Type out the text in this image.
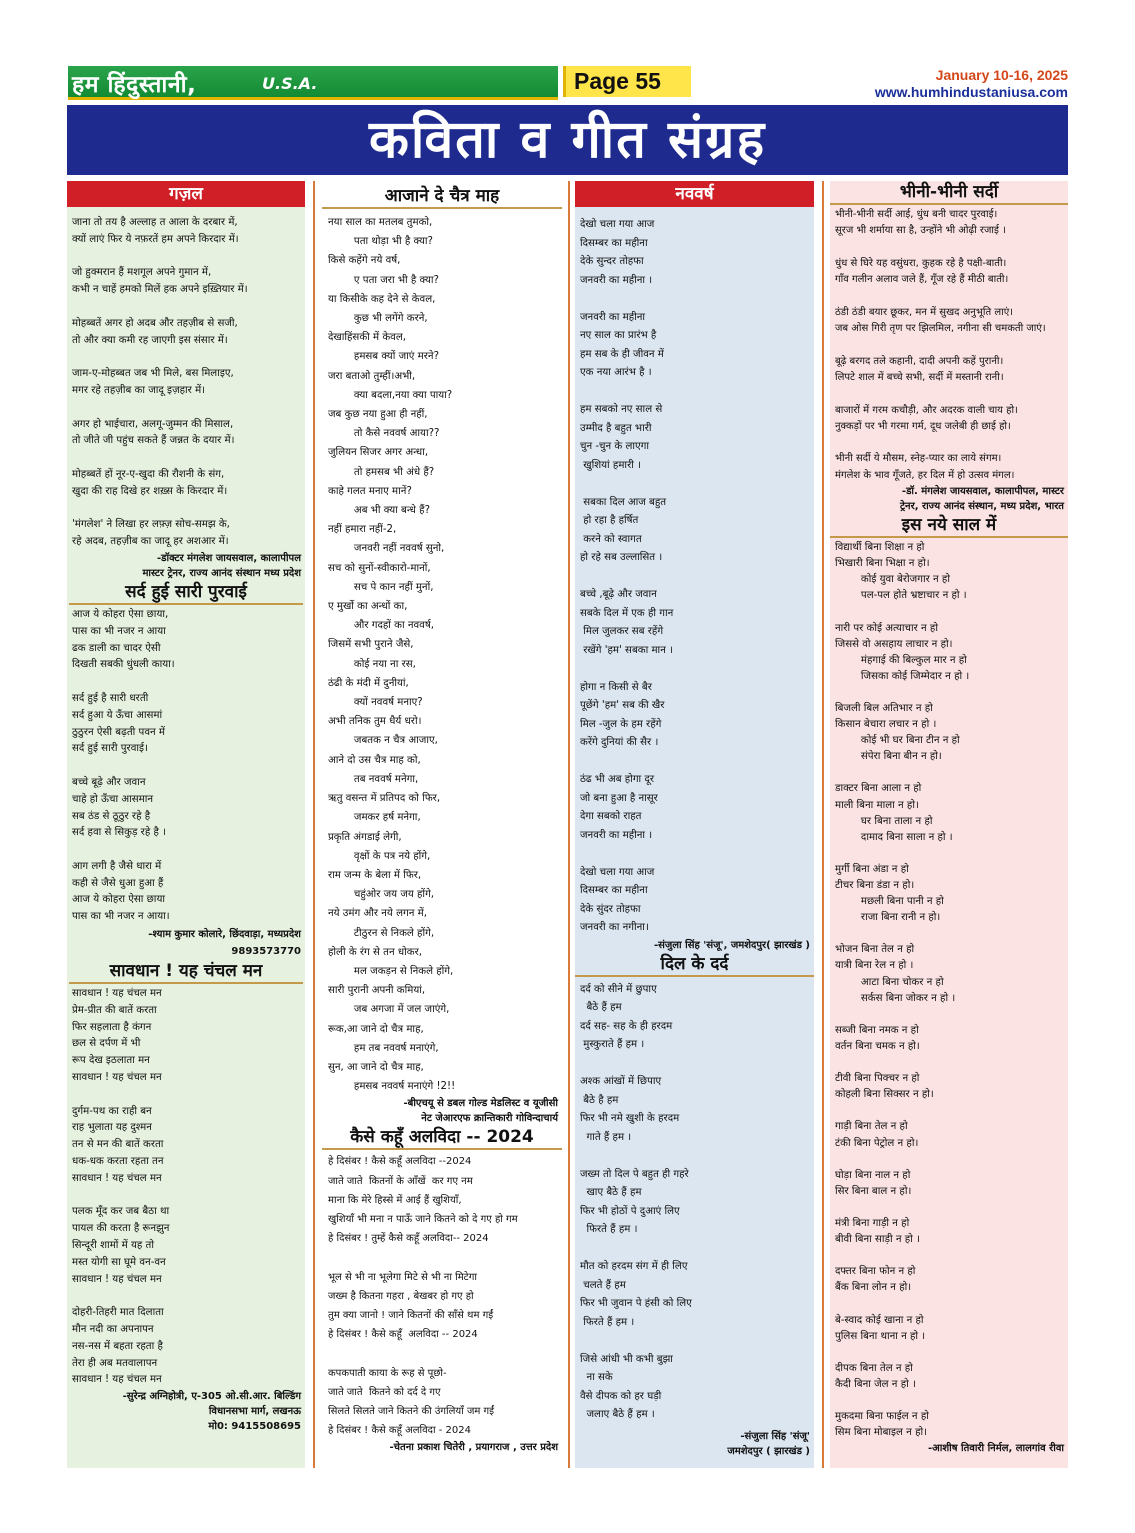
हम हिंदुस्तानी,	U.S.A.	Page 55	January 10-16, 2025
www.humhindustaniusa.com
कविता व गीत संग्रह
गज़ल
जाना तो तय है अल्लाह त आला के दरबार में,
क्यों लाएं फिर ये नफ़रतें हम अपने किरदार में।

जो हुक्मरान हैं मशगूल अपने गुमान में,
कभी न चाहें हमको मिलें हक अपने इख़्तियार में।

मोहब्बतें अगर हो अदब और तहज़ीब से सजी,
तो और क्या कमी रह जाएगी इस संसार में।

जाम-ए-मोहब्बत जब भी मिले, बस मिलाइए,
मगर रहे तहज़ीब का जादू इज़हार में।

अगर हो भाईचारा, अलगू-जुम्मन की मिसाल,
तो जीते जी पहुंच सकते हैं जन्नत के दयार में।

मोहब्बतें हों नूर-ए-खुदा की रौशनी के संग,
खुदा की राह दिखे हर शख़्स के किरदार में।

'मंगलेश' ने लिखा हर लफ़्ज़ सोच-समझ के,
रहे अदब, तहज़ीब का जादू हर अशआर में।
-डॉक्टर मंगलेश जायसवाल, कालापीपल
मास्टर ट्रेनर, राज्य आनंद संस्थान मध्य प्रदेश
सर्द हुई सारी पुरवाई
आज ये कोहरा ऐसा छाया,
पास का भी नजर न आया
ढक डाली का चादर ऐसी
दिखती सबकी धुंधली काया।

सर्द हुई है सारी धरती
सर्द हुआ ये ऊँचा आसमां
ठुठुरन ऐसी बढ़ती पवन में
सर्द हुई सारी पुरवाई।

बच्चे बूढ़े और जवान
चाहे हो ऊँचा आसमान
सब ठंड से ठूठुर रहे है
सर्द हवा से सिकुड़ रहे है ।

आग लगी है जैसे धारा में
कही से जैसे धुआ हुआ हैं
आज ये कोहरा ऐसा छाया
पास का भी नजर न आया।
-श्याम कुमार कोलारे, छिंदवाड़ा, मध्यप्रदेश
9893573770
सावधान ! यह चंचल मन
सावधान ! यह चंचल मन
प्रेम-प्रीत की बातें करता
फिर सहलाता है कंगन
छल से दर्पण में भी
रूप देख इठलाता मन
सावधान ! यह चंचल मन

दुर्गम-पथ का राही बन
राह भुलाता यह दुश्मन
तन से मन की बातें करता
धक-धक करता रहता तन
सावधान ! यह चंचल मन

पलक मूँद कर जब बैठा था
पायल की करता है रूनझुन
सिन्दूरी शामों में यह तो
मस्त योगी सा घूमे वन-वन
सावधान ! यह चंचल मन

दोहरी-तिहरी मात दिलाता
मौन नदी का अपनापन
नस-नस में बहता रहता है
तेरा ही अब मतवालापन
सावधान ! यह चंचल मन
-सुरेन्द्र अग्निहोत्री, ए-305 ओ.सी.आर. बिल्डिंग
विधानसभा मार्ग, लखनऊ
मो0: 9415508695
आजाने दे चैत्र माह
नया साल का मतलब तुमको,
पता थोड़ा भी है क्या?
किसे कहेंगे नये वर्ष,
ए पता जरा भी है क्या?
या किसीके कह देने से केवल,
कुछ भी लगेंगे करने,
देखाहिंसकी में केवल,
हमसब क्यों जाएं मरने?
जरा बताओ तुम्हीं।अभी,
क्या बदला,नया क्या पाया?
जब कुछ नया हुआ ही नहीं,
तो कैसे नववर्ष आया??
जुलियन सिजर अगर अन्धा,
तो हमसब भी अंधे हैं?
काहे गलत मनाए मानें?
अब भी क्या बन्धे हैं?
नहीं हमारा नहीं-2,
जनवरी नहीं नववर्ष सुनो,
सच को सुनों-स्वीकारो-मानों,
सच पे कान नहीं मुनों,
ए मुर्खो का अन्धों का,
और गदहों का नववर्ष,
जिसमें सभी पुराने जैसे,
कोई नया ना रस,
ठंढी के मंदी में दुनीयां,
क्यों नववर्ष मनाए?
अभी तनिक तुम धैर्य धरो।
जबतक न चैत्र आजाए,
आने दो उस चैत्र माह को,
तब नववर्ष मनेगा,
ऋतु वसन्त में प्रतिपद को फिर,
जमकर हर्ष मनेगा,
प्रकृति अंगडाई लेगी,
वृक्षों के पत्र नये होंगे,
राम जन्म के बेला में फिर,
चहुंओर जय जय होंगे,
नये उमंग और नये लगन में,
टीठुरन से निकले होंगे,
होली के रंग से तन धोकर,
मल जकड़न से निकले होंगे,
सारी पुरानी अपनी कमियां,
जब अगजा में जल जाएंगे,
रूक,आ जाने दो चैत्र माह,
हम तब नववर्ष मनाएंगे,
सुन, आ जाने दो चैत्र माह,
हमसब नववर्ष मनाएंगे !2!!
-बीएचयू से डबल गोल्ड मेडलिस्ट व यूजीसी
नेट जेआरएफ क्रान्तिकारी गोविन्दाचार्य
कैसे कहूँ अलविदा -- 2024
हे दिसंबर ! कैसे कहूँ अलविदा --2024
जाते जाते  कितनों के आँखें  कर गए नम
माना कि मेरे हिस्से में आई हैं खुशियाँ,
खुशियाँ भी मना न पाऊँ जाने कितने को दे गए हो गम
हे दिसंबर ! तुम्हें कैसे कहूँ अलविदा-- 2024

भूल से भी ना भूलेगा मिटे से भी ना मिटेगा
जख्म है कितना गहरा , बेखबर हो गए हो
तुम क्या जानो ! जाने कितनों की साँसे थम गईं
हे दिसंबर ! कैसे कहूँ  अलविदा -- 2024

कपकपाती काया के रूह से पूछो-
जाते जाते  कितने को दर्द दे गए
सिलते सिलते जाने कितने की उंगलियाँ जम गईं
हे दिसंबर ! कैसे कहूँ अलविदा - 2024
-चेतना प्रकाश चितेरी , प्रयागराज , उत्तर प्रदेश
नववर्ष
देखो चला गया आज
दिसम्बर का महीना
देके सुन्दर तोहफा
जनवरी का महीना ।

जनवरी का महीना
नए साल का प्रारंभ है
हम सब के ही जीवन में
एक नया आरंभ है ।

हम सबको नए साल से
उम्मीद है बहुत भारी
चुन -चुन के लाएगा
खुशियां हमारी ।

सबका दिल आज बहुत
हो रहा है हर्षित
करने को स्वागत
हो रहे सब उल्लासित ।

बच्चे ,बूढ़े और जवान
सबके दिल में एक ही गान
मिल जुलकर सब रहेंगे
रखेंगे 'हम' सबका मान ।

होगा न किसी से बैर
पूछेंगे 'हम' सब की खैर
मिल -जुल के हम रहेंगे
करेंगे दुनियां की सैर ।

ठंढ भी अब होगा दूर
जो बना हुआ है नासूर
देगा सबको राहत
जनवरी का महीना ।

देखो चला गया आज
दिसम्बर का महीना
देके सुंदर तोहफा
जनवरी का नगीना।
-संजुला सिंह 'संजू', जमशेदपुर( झारखंड )
दिल के दर्द
दर्द को सीने में छुपाए
बैठे हैं हम
दर्द सह- सह के ही हरदम
मुस्कुराते हैं हम ।

अश्क आंखों में छिपाए
बैठे है हम
फिर भी नमे खुशी के हरदम
गाते हैं हम ।

जख्म तो दिल पे बहुत ही गहरे
खाए बैठे हैं हम
फिर भी होठों पे दुआएं लिए
फिरते हैं हम ।

मौत को हरदम संग में ही लिए
चलते हैं हम
फिर भी जुवान पे हंसी को लिए
फिरते हैं हम ।

जिसे आंधी भी कभी बुझा
ना सके
वैसे दीपक को हर घड़ी
जलाए बैठे हैं हम ।
-संजुला सिंह 'संजू'
जमशेदपुर ( झारखंड )
भीनी-भीनी सर्दी
भीनी-भीनी सर्दी आई, धुंध बनी चादर पुरवाई।
सूरज भी शर्माया सा है, उन्होंने भी ओढ़ी रजाई ।

धुंध से घिरे यह वसुंधरा, कुहक रहे है पक्षी-बाती।
गाँव गलीन अलाव जले हैं, गूँज रहे हैं मीठी बाती।

ठंडी ठंडी बयार छूकर, मन में सुखद अनुभूति लाएं।
जब ओस गिरी तृण पर झिलमिल, नगीना सी चमकती जाएं।

बूढ़े बरगद तले कहानी, दादी अपनी कहें पुरानी।
लिपटे शाल में बच्चे सभी, सर्दी में मस्तानी रानी।

बाजारों में गरम कचौड़ी, और अदरक वाली चाय हो।
नुक्कड़ों पर भी गरमा गर्म, दूध जलेबी ही छाई हो।

भीनी सर्दी ये मौसम, स्नेह-प्यार का लाये संगम।
मंगलेश के भाव गूँजते, हर दिल में हो उत्सव मंगल।
-डॉ. मंगलेश जायसवाल, कालापीपल, मास्टर
ट्रेनर, राज्य आनंद संस्थान, मध्य प्रदेश, भारत
इस नये साल में
विद्यार्थी बिना शिक्षा न हो
भिखारी बिना भिक्षा न हो।
कोई युवा बेरोजगार न हो
पल-पल होते भ्रष्टाचार न हो ।

नारी पर कोई अत्याचार न हो
जिससे वो असहाय लाचार न हो।
मंहगाई की बिल्कुल मार न हो
जिसका कोई जिम्मेदार न हो ।

बिजली बिल अतिभार न हो
किसान बेचारा लचार न हो ।
कोई भी घर बिना टीन न हो
संपेरा बिना बीन न हो।

डाक्टर बिना आला न हो
माली बिना माला न हो।
घर बिना ताला न हो
दामाद बिना साला न हो ।

मुर्गी बिना अंडा न हो
टीचर बिना डंडा न हो।
मछली बिना पानी न हो
राजा बिना रानी न हो।

भोजन बिना तेल न हो
यात्री बिना रेल न हो ।
आटा बिना चोकर न हो
सर्कस बिना जोकर न हो ।

सब्जी बिना नमक न हो
वर्तन बिना चमक न हो।

टीवी बिना पिक्चर न हो
कोहली बिना सिक्सर न हो।

गाड़ी बिना तेल न हो
टंकी बिना पेट्रोल न हो।

घोड़ा बिना नाल न हो
सिर बिना बाल न हो।

मंत्री बिना गाड़ी न हो
बीवी बिना साड़ी न हो ।

दफ्तर बिना फोन न हो
बैंक बिना लोन न हो।

बे-स्वाद कोई खाना न हो
पुलिस बिना थाना न हो ।

दीपक बिना तेल न हो
कैदी बिना जेल न हो ।

मुकदमा बिना फाईल न हो
सिम बिना मोबाइल न हो।
-आशीष तिवारी निर्मल, लालगांव रीवा
